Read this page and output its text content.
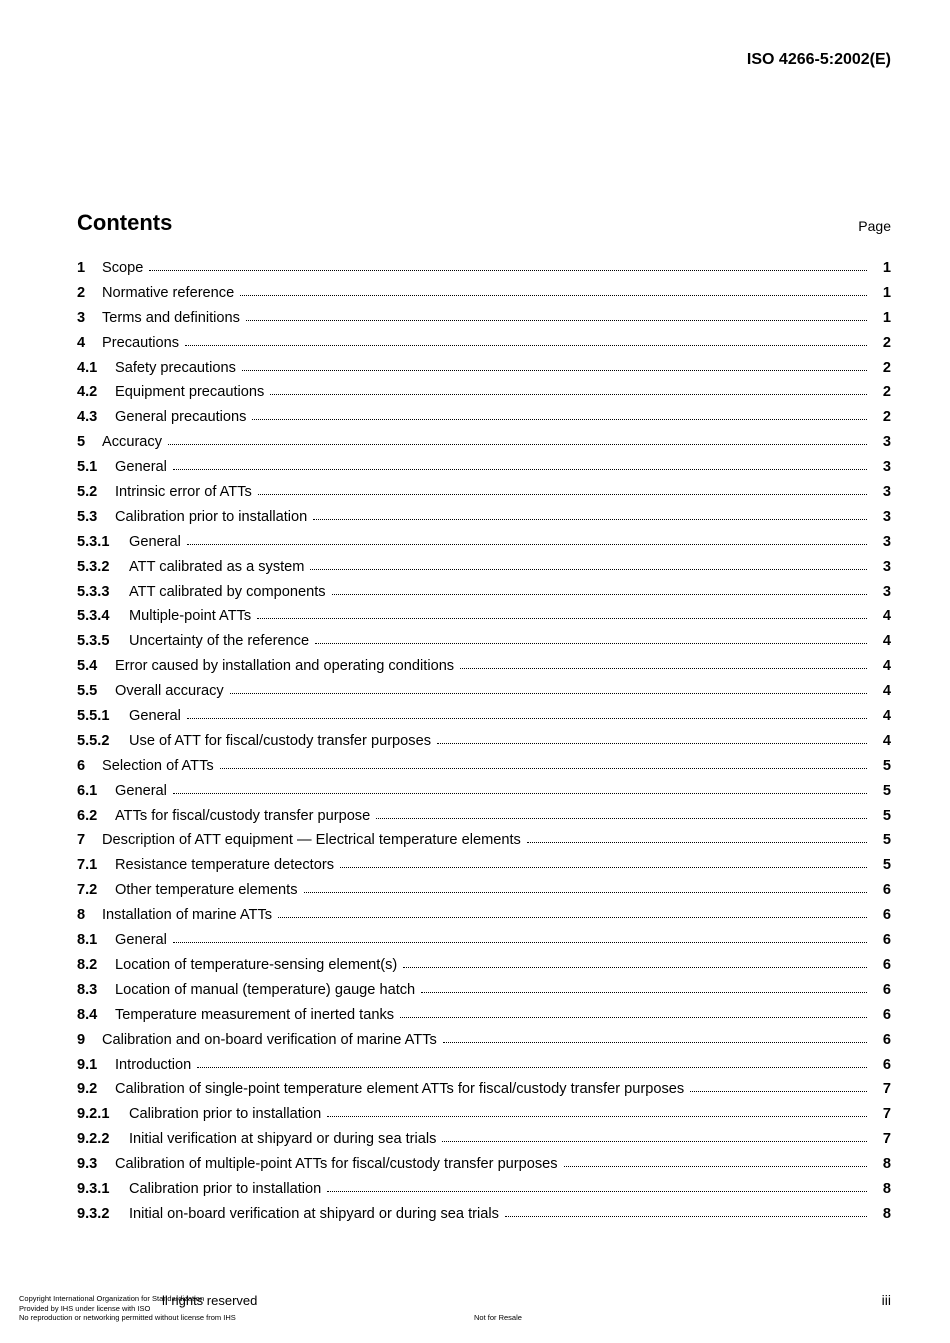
ISO 4266-5:2002(E)
Contents	Page
1	Scope	1
2	Normative reference	1
3	Terms and definitions	1
4	Precautions	2
4.1	Safety precautions	2
4.2	Equipment precautions	2
4.3	General precautions	2
5	Accuracy	3
5.1	General	3
5.2	Intrinsic error of ATTs	3
5.3	Calibration prior to installation	3
5.3.1	General	3
5.3.2	ATT calibrated as a system	3
5.3.3	ATT calibrated by components	3
5.3.4	Multiple-point ATTs	4
5.3.5	Uncertainty of the reference	4
5.4	Error caused by installation and operating conditions	4
5.5	Overall accuracy	4
5.5.1	General	4
5.5.2	Use of ATT for fiscal/custody transfer purposes	4
6	Selection of ATTs	5
6.1	General	5
6.2	ATTs for fiscal/custody transfer purpose	5
7	Description of ATT equipment — Electrical temperature elements	5
7.1	Resistance temperature detectors	5
7.2	Other temperature elements	6
8	Installation of marine ATTs	6
8.1	General	6
8.2	Location of temperature-sensing element(s)	6
8.3	Location of manual (temperature) gauge hatch	6
8.4	Temperature measurement of inerted tanks	6
9	Calibration and on-board verification of marine ATTs	6
9.1	Introduction	6
9.2	Calibration of single-point temperature element ATTs for fiscal/custody transfer purposes	7
9.2.1	Calibration prior to installation	7
9.2.2	Initial verification at shipyard or during sea trials	7
9.3	Calibration of multiple-point ATTs for fiscal/custody transfer purposes	8
9.3.1	Calibration prior to installation	8
9.3.2	Initial on-board verification at shipyard or during sea trials	8
Copyright International Organization for Standardization
Provided by IHS under license with ISO
No reproduction or networking permitted without license from IHS
ll rights reserved
Not for Resale
iii
